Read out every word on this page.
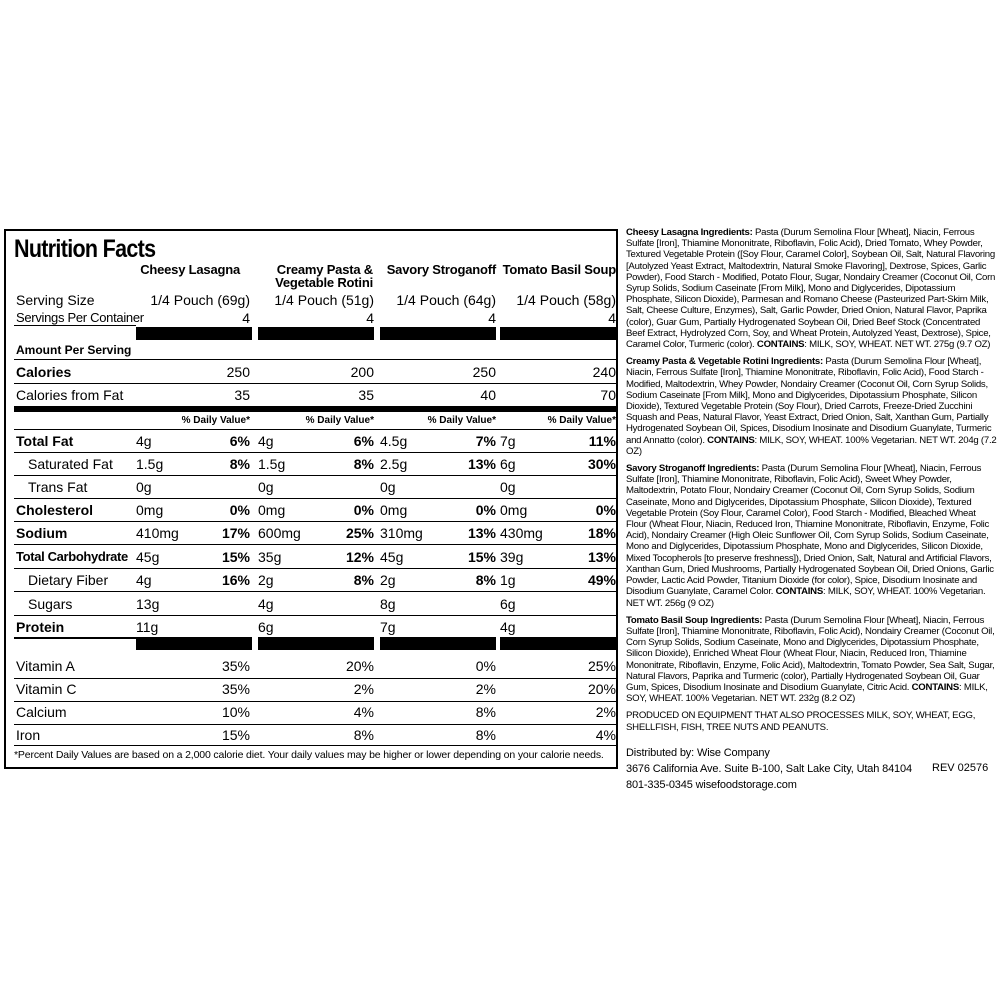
Nutrition Facts
Cheesy Lasagna	Creamy Pasta & Vegetable Rotini
Savory Stroganoff Tomato Basil Soup
Serving Size	1/4 Pouch (69g)	1/4 Pouch (51g)	1/4 Pouch (64g)	1/4 Pouch (58g)
Servings Per Container	4	4	4	4
Amount Per Serving
Calories	250	200	250	240
Calories from Fat	35	35	40	70
% Daily Value*	% Daily Value*	% Daily Value*	% Daily Value*
Total Fat	4g	6% 4g	6% 4.5g	7% 7g	11%
Saturated Fat 1.5g	8% 1.5g	8% 2.5g	13% 6g	30%
Trans Fat	0g	0g	0g	0g
Cholesterol	0mg	0% 0mg	0% 0mg	0% 0mg	0%
Sodium	410mg	17% 600mg	25% 310mg	13% 430mg	18%
Total Carbohydrate 45g	15% 35g	12% 45g	15% 39g	13%
Dietary Fiber 4g	16% 2g	8% 2g	8% 1g	49%
Sugars	13g	4g	8g	6g
Protein	11g	6g	7g	4g
Vitamin A	35%	20%	0%	25%
Vitamin C	35%	2%	2%	20%
Calcium	10%	4%	8%	2%
Iron	15%	8%	8%	4%
*Percent Daily Values are based on a 2,000 calorie diet. Your daily values may be higher or lower depending on your calorie needs.

Cheesy Lasagna Ingredients: Pasta (Durum Semolina Flour [Wheat], Niacin, Ferrous Sulfate [Iron], Thiamine Mononitrate, Riboflavin, Folic Acid), Dried Tomato, Whey Powder, Textured Vegetable Protein ([Soy Flour, Caramel Color], Soybean Oil, Salt, Natural Flavoring [Autolyzed Yeast Extract, Maltodextrin, Natural Smoke Flavoring], Dextrose, Spices, Garlic Powder), Food Starch - Modified, Potato Flour, Sugar, Nondairy Creamer (Coconut Oil, Corn Syrup Solids, Sodium Caseinate [From Milk], Mono and Diglycerides, Dipotassium Phosphate, Silicon Dioxide), Parmesan and Romano Cheese (Pasteurized Part-Skim Milk, Salt, Cheese Culture, Enzymes), Salt, Garlic Powder, Dried Onion, Natural Flavor, Paprika (color), Guar Gum, Partially Hydrogenated Soybean Oil, Dried Beef Stock (Concentrated Beef Extract, Hydrolyzed Corn, Soy, and Wheat Protein, Autolyzed Yeast, Dextrose), Spice, Caramel Color, Turmeric (color). CONTAINS: MILK, SOY, WHEAT. NET WT. 275g (9.7 OZ)

Creamy Pasta & Vegetable Rotini Ingredients: Pasta (Durum Semolina Flour [Wheat], Niacin, Ferrous Sulfate [Iron], Thiamine Mononitrate, Riboflavin, Folic Acid), Food Starch - Modified, Maltodextrin, Whey Powder, Nondairy Creamer (Coconut Oil, Corn Syrup Solids, Sodium Caseinate [From Milk], Mono and Diglycerides, Dipotassium Phosphate, Silicon Dioxide), Textured Vegetable Protein (Soy Flour), Dried Carrots, Freeze-Dried Zucchini Squash and Peas, Natural Flavor, Yeast Extract, Dried Onion, Salt, Xanthan Gum, Partially Hydrogenated Soybean Oil, Spices, Disodium Inosinate and Disodium Guanylate, Turmeric and Annatto (color). CONTAINS: MILK, SOY, WHEAT. 100% Vegetarian. NET WT. 204g (7.2 OZ)

Savory Stroganoff Ingredients: Pasta (Durum Semolina Flour [Wheat], Niacin, Ferrous Sulfate [Iron], Thiamine Mononitrate, Riboflavin, Folic Acid), Sweet Whey Powder, Maltodextrin, Potato Flour, Nondairy Creamer (Coconut Oil, Corn Syrup Solids, Sodium Caseinate, Mono and Diglycerides, Dipotassium Phosphate, Silicon Dioxide), Textured Vegetable Protein (Soy Flour, Caramel Color), Food Starch - Modified, Bleached Wheat Flour (Wheat Flour, Niacin, Reduced Iron, Thiamine Mononitrate, Riboflavin, Enzyme, Folic Acid), Nondairy Creamer (High Oleic Sunflower Oil, Corn Syrup Solids, Sodium Caseinate, Mono and Diglycerides, Dipotassium Phosphate, Mono and Diglycerides, Silicon Dioxide, Mixed Tocopherols [to preserve freshness]), Dried Onion, Salt, Natural and Artificial Flavors, Xanthan Gum, Dried Mushrooms, Partially Hydrogenated Soybean Oil, Dried Onions, Garlic Powder, Lactic Acid Powder, Titanium Dioxide (for color), Spice, Disodium Inosinate and Disodium Guanylate, Caramel Color. CONTAINS: MILK, SOY, WHEAT. 100% Vegetarian. NET WT. 256g (9 OZ)

Tomato Basil Soup Ingredients: Pasta (Durum Semolina Flour [Wheat], Niacin, Ferrous Sulfate [Iron], Thiamine Mononitrate, Riboflavin, Folic Acid), Nondairy Creamer (Coconut Oil, Corn Syrup Solids, Sodium Caseinate, Mono and Diglycerides, Dipotassium Phosphate, Silicon Dioxide), Enriched Wheat Flour (Wheat Flour, Niacin, Reduced Iron, Thiamine Mononitrate, Riboflavin, Enzyme, Folic Acid), Maltodextrin, Tomato Powder, Sea Salt, Sugar, Natural Flavors, Paprika and Turmeric (color), Partially Hydrogenated Soybean Oil, Guar Gum, Spices, Disodium Inosinate and Disodium Guanylate, Citric Acid. CONTAINS: MILK, SOY, WHEAT. 100% Vegetarian. NET WT. 232g (8.2 OZ)

PRODUCED ON EQUIPMENT THAT ALSO PROCESSES MILK, SOY, WHEAT, EGG, SHELLFISH, FISH, TREE NUTS AND PEANUTS.

Distributed by: Wise Company
3676 California Ave. Suite B-100, Salt Lake City, Utah 84104
801-335-0345 wisefoodstorage.com
REV 02576
